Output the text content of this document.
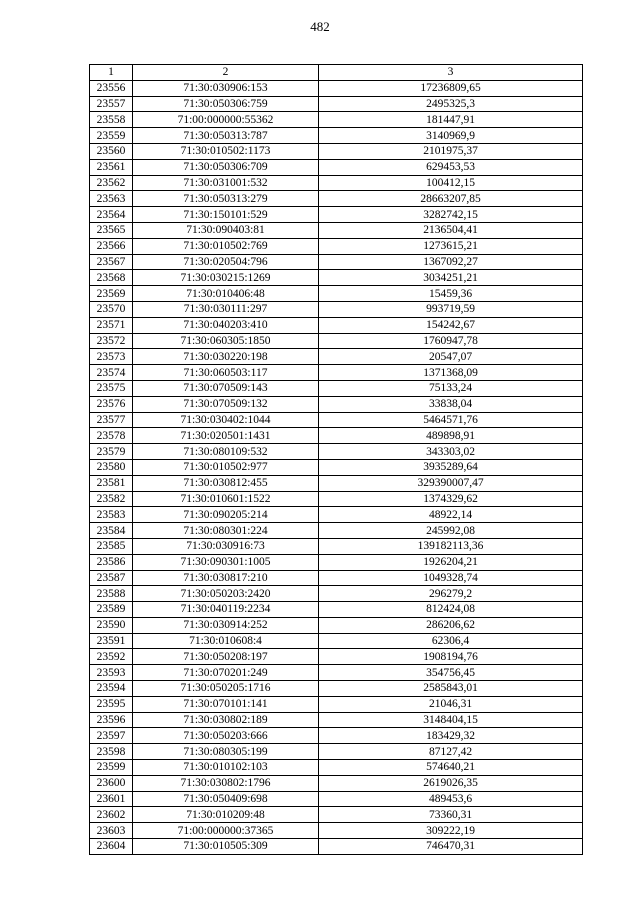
482
1	2	3
23556	71:30:030906:153	17236809,65
23557	71:30:050306:759	2495325,3
23558	71:00:000000:55362	181447,91
23559	71:30:050313:787	3140969,9
23560	71:30:010502:1173	2101975,37
23561	71:30:050306:709	629453,53
23562	71:30:031001:532	100412,15
23563	71:30:050313:279	28663207,85
23564	71:30:150101:529	3282742,15
23565	71:30:090403:81	2136504,41
23566	71:30:010502:769	1273615,21
23567	71:30:020504:796	1367092,27
23568	71:30:030215:1269	3034251,21
23569	71:30:010406:48	15459,36
23570	71:30:030111:297	993719,59
23571	71:30:040203:410	154242,67
23572	71:30:060305:1850	1760947,78
23573	71:30:030220:198	20547,07
23574	71:30:060503:117	1371368,09
23575	71:30:070509:143	75133,24
23576	71:30:070509:132	33838,04
23577	71:30:030402:1044	5464571,76
23578	71:30:020501:1431	489898,91
23579	71:30:080109:532	343303,02
23580	71:30:010502:977	3935289,64
23581	71:30:030812:455	329390007,47
23582	71:30:010601:1522	1374329,62
23583	71:30:090205:214	48922,14
23584	71:30:080301:224	245992,08
23585	71:30:030916:73	139182113,36
23586	71:30:090301:1005	1926204,21
23587	71:30:030817:210	1049328,74
23588	71:30:050203:2420	296279,2
23589	71:30:040119:2234	812424,08
23590	71:30:030914:252	286206,62
23591	71:30:010608:4	62306,4
23592	71:30:050208:197	1908194,76
23593	71:30:070201:249	354756,45
23594	71:30:050205:1716	2585843,01
23595	71:30:070101:141	21046,31
23596	71:30:030802:189	3148404,15
23597	71:30:050203:666	183429,32
23598	71:30:080305:199	87127,42
23599	71:30:010102:103	574640,21
23600	71:30:030802:1796	2619026,35
23601	71:30:050409:698	489453,6
23602	71:30:010209:48	73360,31
23603	71:00:000000:37365	309222,19
23604	71:30:010505:309	746470,31
